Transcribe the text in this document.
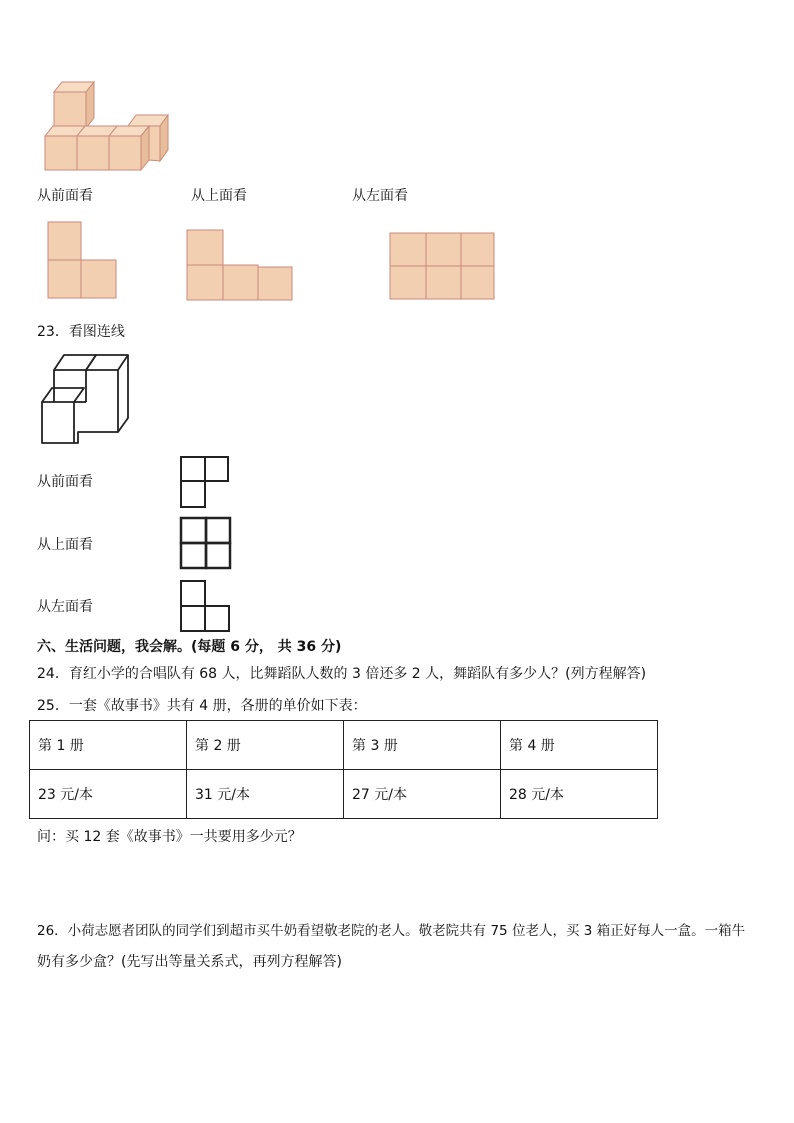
从前面看	从上面看	从左面看
23．看图连线
从前面看
从上面看
从左面看
六、生活问题，我会解。(每题 6 分， 共 36 分)
24．育红小学的合唱队有 68 人，比舞蹈队人数的 3 倍还多 2 人，舞蹈队有多少人？(列方程解答)
25．一套《故事书》共有 4 册，各册的单价如下表：
第 1 册	第 2 册	第 3 册	第 4 册
23 元/本	31 元/本	27 元/本	28 元/本
问：买 12 套《故事书》一共要用多少元？
26．小荷志愿者团队的同学们到超市买牛奶看望敬老院的老人。敬老院共有 75 位老人，买 3 箱正好每人一盒。一箱牛
奶有多少盒？(先写出等量关系式，再列方程解答)
